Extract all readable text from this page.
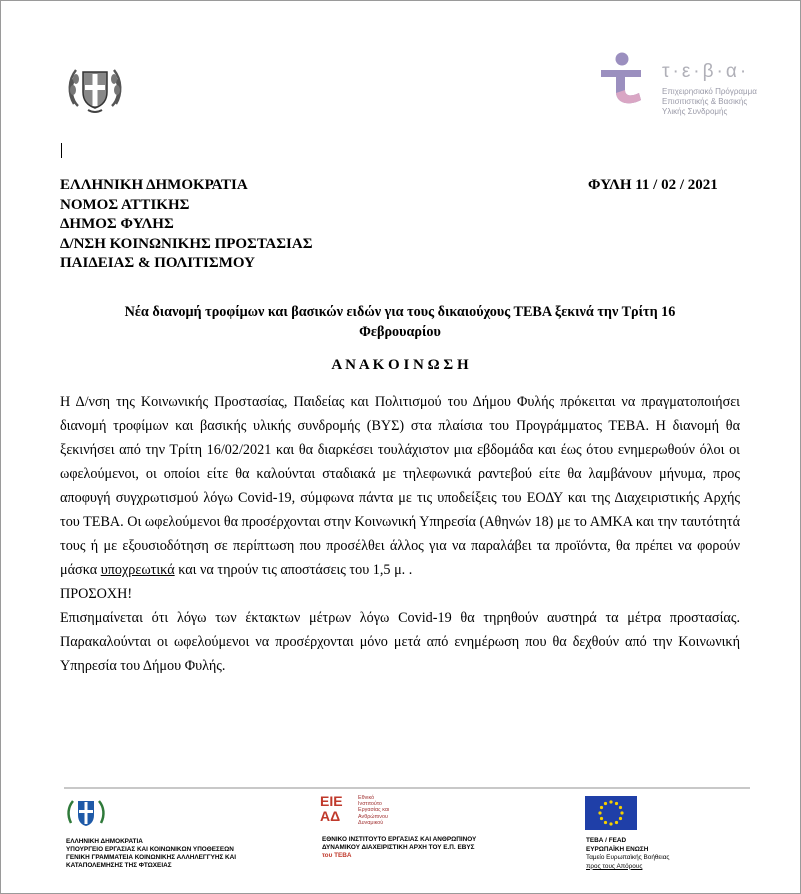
τ·ε·β·α·
Επιχειρησιακό Πρόγραμμα
Επισιτιστικής & Βασικής
Υλικής Συνδρομής
ΕΛΛΗΝΙΚΗ ΔΗΜΟΚΡΑΤΙΑ
ΝΟΜΟΣ ΑΤΤΙΚΗΣ
ΔΗΜΟΣ ΦΥΛΗΣ
Δ/ΝΣΗ ΚΟΙΝΩΝΙΚΗΣ ΠΡΟΣΤΑΣΙΑΣ
ΠΑΙΔΕΙΑΣ & ΠΟΛΙΤΙΣΜΟΥ
ΦΥΛΗ 11 / 02 / 2021
Νέα διανομή τροφίμων και βασικών ειδών για τους δικαιούχους ΤΕΒΑ ξεκινά την Τρίτη 16
Φεβρουαρίου
Α Ν Α Κ Ο Ι Ν Ω Σ Η

Η Δ/νση της Κοινωνικής Προστασίας, Παιδείας και Πολιτισμού του Δήμου Φυλής πρόκειται να πραγματοποιήσει διανομή τροφίμων και βασικής υλικής συνδρομής (ΒΥΣ) στα πλαίσια του Προγράμματος ΤΕΒΑ. Η διανομή θα ξεκινήσει από την Τρίτη 16/02/2021 και θα διαρκέσει τουλάχιστον μια εβδομάδα και έως ότου ενημερωθούν όλοι οι ωφελούμενοι, οι οποίοι είτε θα καλούνται σταδιακά με τηλεφωνικά ραντεβού είτε θα λαμβάνουν μήνυμα, προς αποφυγή συγχρωτισμού λόγω Covid-19, σύμφωνα πάντα με τις υποδείξεις του ΕΟΔΥ και της Διαχειριστικής Αρχής του ΤΕΒΑ. Οι ωφελούμενοι θα προσέρχονται στην Κοινωνική Υπηρεσία (Αθηνών 18) με το ΑΜΚΑ και την ταυτότητά τους ή με εξουσιοδότηση σε περίπτωση που προσέλθει άλλος για να παραλάβει τα προϊόντα, θα πρέπει να φορούν μάσκα υποχρεωτικά και να τηρούν τις αποστάσεις του 1,5 μ. .

ΠΡΟΣΟΧΗ!

Επισημαίνεται ότι λόγω των έκτακτων μέτρων λόγω Covid-19 θα τηρηθούν αυστηρά τα μέτρα προστασίας. Παρακαλούνται οι ωφελούμενοι να προσέρχονται μόνο μετά από ενημέρωση που θα δεχθούν από την Κοινωνική Υπηρεσία του Δήμου Φυλής.

ΕΛΛΗΝΙΚΗ ΔΗΜΟΚΡΑΤΙΑ
ΥΠΟΥΡΓΕΙΟ ΕΡΓΑΣΙΑΣ ΚΑΙ ΚΟΙΝΩΝΙΚΩΝ ΥΠΟΘΕΣΕΩΝ
ΓΕΝΙΚΗ ΓΡΑΜΜΑΤΕΙΑ ΚΟΙΝΩΝΙΚΗΣ ΑΛΛΗΛΕΓΓΥΗΣ ΚΑΙ
ΚΑΤΑΠΟΛΕΜΗΣΗΣ ΤΗΣ ΦΤΩΧΕΙΑΣ
ΕΙΕ ΑΔ
Εθνικό
Ινστιτούτο
Εργασίας και
Ανθρώπινου
Δυναμικού
ΕΘΝΙΚΟ ΙΝΣΤΙΤΟΥΤΟ ΕΡΓΑΣΙΑΣ ΚΑΙ ΑΝΘΡΩΠΙΝΟΥ
ΔΥΝΑΜΙΚΟΥ ΔΙΑΧΕΙΡΙΣΤΙΚΗ ΑΡΧΗ ΤΟΥ Ε.Π. ΕΒΥΣ
του ΤΕΒΑ
ΤΕΒΑ / FEAD
ΕΥΡΩΠΑΪΚΗ ΕΝΩΣΗ
Ταμείο Ευρωπαϊκής Βοήθειας
προς τους Απόρους
